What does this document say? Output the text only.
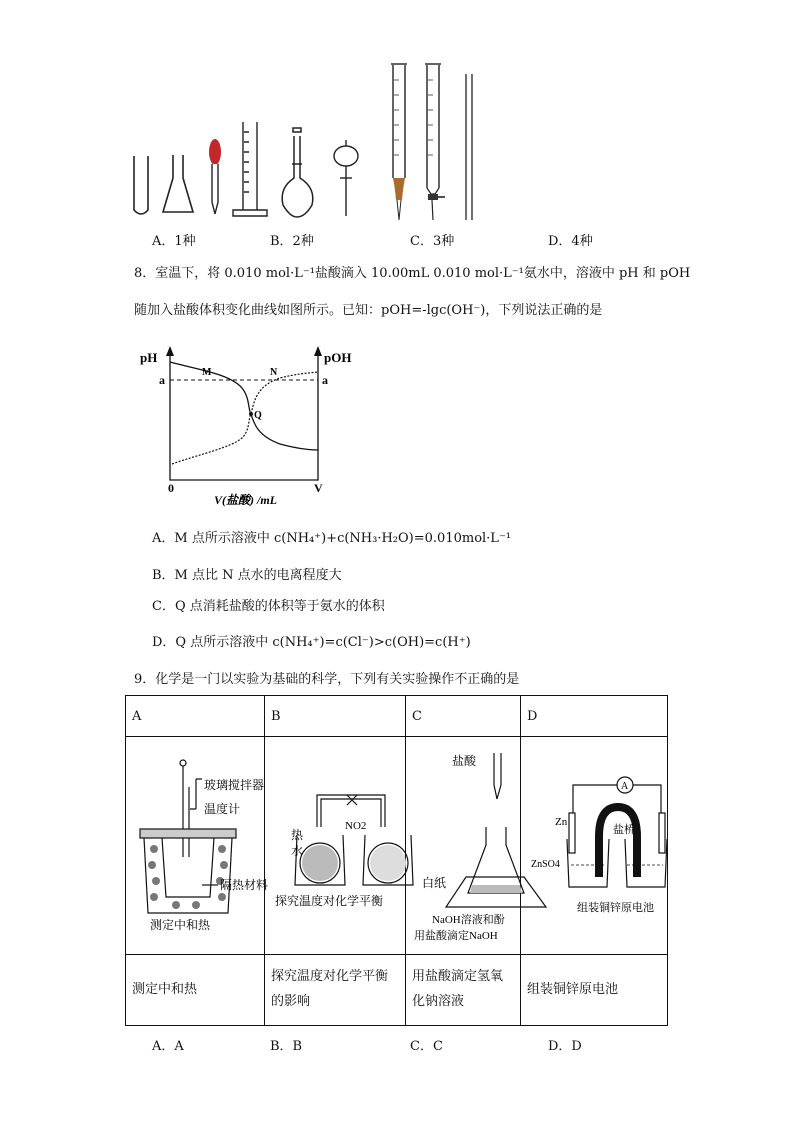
A．1种	B．2种	C．3种	D．4种
8．室温下，将 0.010 mol·L⁻¹盐酸滴入 10.00mL 0.010 mol·L⁻¹氨水中，溶液中 pH 和 pOH
随加入盐酸体积变化曲线如图所示。已知：pOH=-lgc(OH⁻)，下列说法正确的是
pH	pOH
a	a
M	N
Q
0	V
V(盐酸) /mL
A．M 点所示溶液中 c(NH₄⁺)+c(NH₃·H₂O)=0.010mol·L⁻¹
B．M 点比 N 点水的电离程度大
C．Q 点消耗盐酸的体积等于氨水的体积
D．Q 点所示溶液中 c(NH₄⁺)=c(Cl⁻)>c(OH)=c(H⁺)
9．化学是一门以实验为基础的科学，下列有关实验操作不正确的是
A	B	C	D

玻璃搅拌器
温度计
隔热材料
测定中和热	热
水
NO2
探究温度对化学平衡	盐酸
白纸
NaOH溶液和酚
用盐酸滴定NaOH	A
Zn
盐桥
ZnSO4
组装铜锌原电池

测定中和热	探究温度对化学平衡的影响	用盐酸滴定氢氧化钠溶液	组装铜锌原电池
A．A	B．B	C．C	D．D
